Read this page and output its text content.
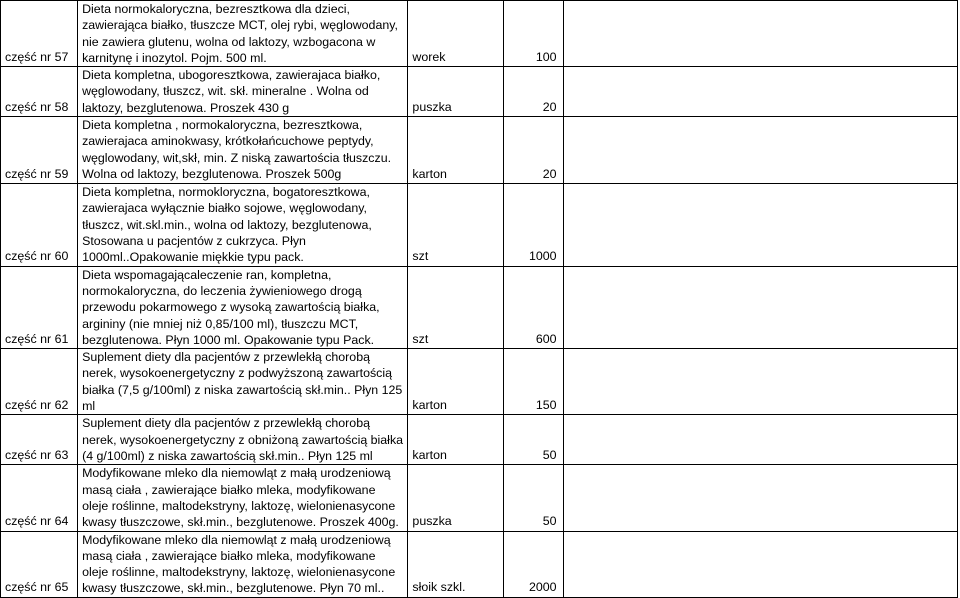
część nr 57	Dieta normokaloryczna, bezresztkowa dla dzieci, zawierająca białko, tłuszcze MCT, olej rybi, węglowodany, nie zawiera glutenu, wolna od laktozy, wzbogacona w karnitynę i inozytol. Pojm. 500 ml.	worek	100	
część nr 58	Dieta kompletna, ubogoresztkowa, zawierajaca białko, węglowodany, tłuszcz, wit. skł. mineralne . Wolna od laktozy, bezglutenowa. Proszek 430 g	puszka	20	
część nr 59	Dieta kompletna , normokaloryczna, bezresztkowa, zawierajaca aminokwasy, krótkołańcuchowe peptydy, węglowodany, wit,skł, min. Z niską zawartościa tłuszczu. Wolna od laktozy, bezglutenowa. Proszek 500g	karton	20	
część nr 60	Dieta kompletna, normokloryczna, bogatoresztkowa, zawierajaca wyłącznie białko sojowe, węglowodany, tłuszcz, wit.skl.min., wolna od laktozy, bezglutenowa, Stosowana u pacjentów z cukrzyca. Płyn 1000ml..Opakowanie miękkie typu pack.	szt	1000	
część nr 61	Dieta wspomagającaleczenie ran, kompletna, normokaloryczna, do leczenia żywieniowego drogą przewodu pokarmowego z wysoką zawartością białka, argininy (nie mniej niż 0,85/100 ml), tłuszczu MCT, bezglutenowa. Płyn 1000 ml. Opakowanie typu Pack.	szt	600	
część nr 62	Suplement diety dla pacjentów z przewlekłą chorobą nerek, wysokoenergetyczny z podwyższoną zawartością białka (7,5 g/100ml) z niska zawartością skł.min.. Płyn 125 ml	karton	150	
część nr 63	Suplement diety dla pacjentów z przewlekłą chorobą nerek, wysokoenergetyczny z obniżoną zawartością białka (4 g/100ml) z niska zawartością skł.min.. Płyn 125 ml	karton	50	
część nr 64	Modyfikowane mleko dla niemowląt z małą urodzeniową masą ciała , zawierające białko mleka, modyfikowane oleje roślinne, maltodekstryny, laktozę, wielonienasycone kwasy tłuszczowe, skł.min., bezglutenowe. Proszek 400g.	puszka	50	
część nr 65	Modyfikowane mleko dla niemowląt z małą urodzeniową masą ciała , zawierające białko mleka, modyfikowane oleje roślinne, maltodekstryny, laktozę, wielonienasycone kwasy tłuszczowe, skł.min., bezglutenowe. Płyn 70 ml..	słoik szkl.	2000	
